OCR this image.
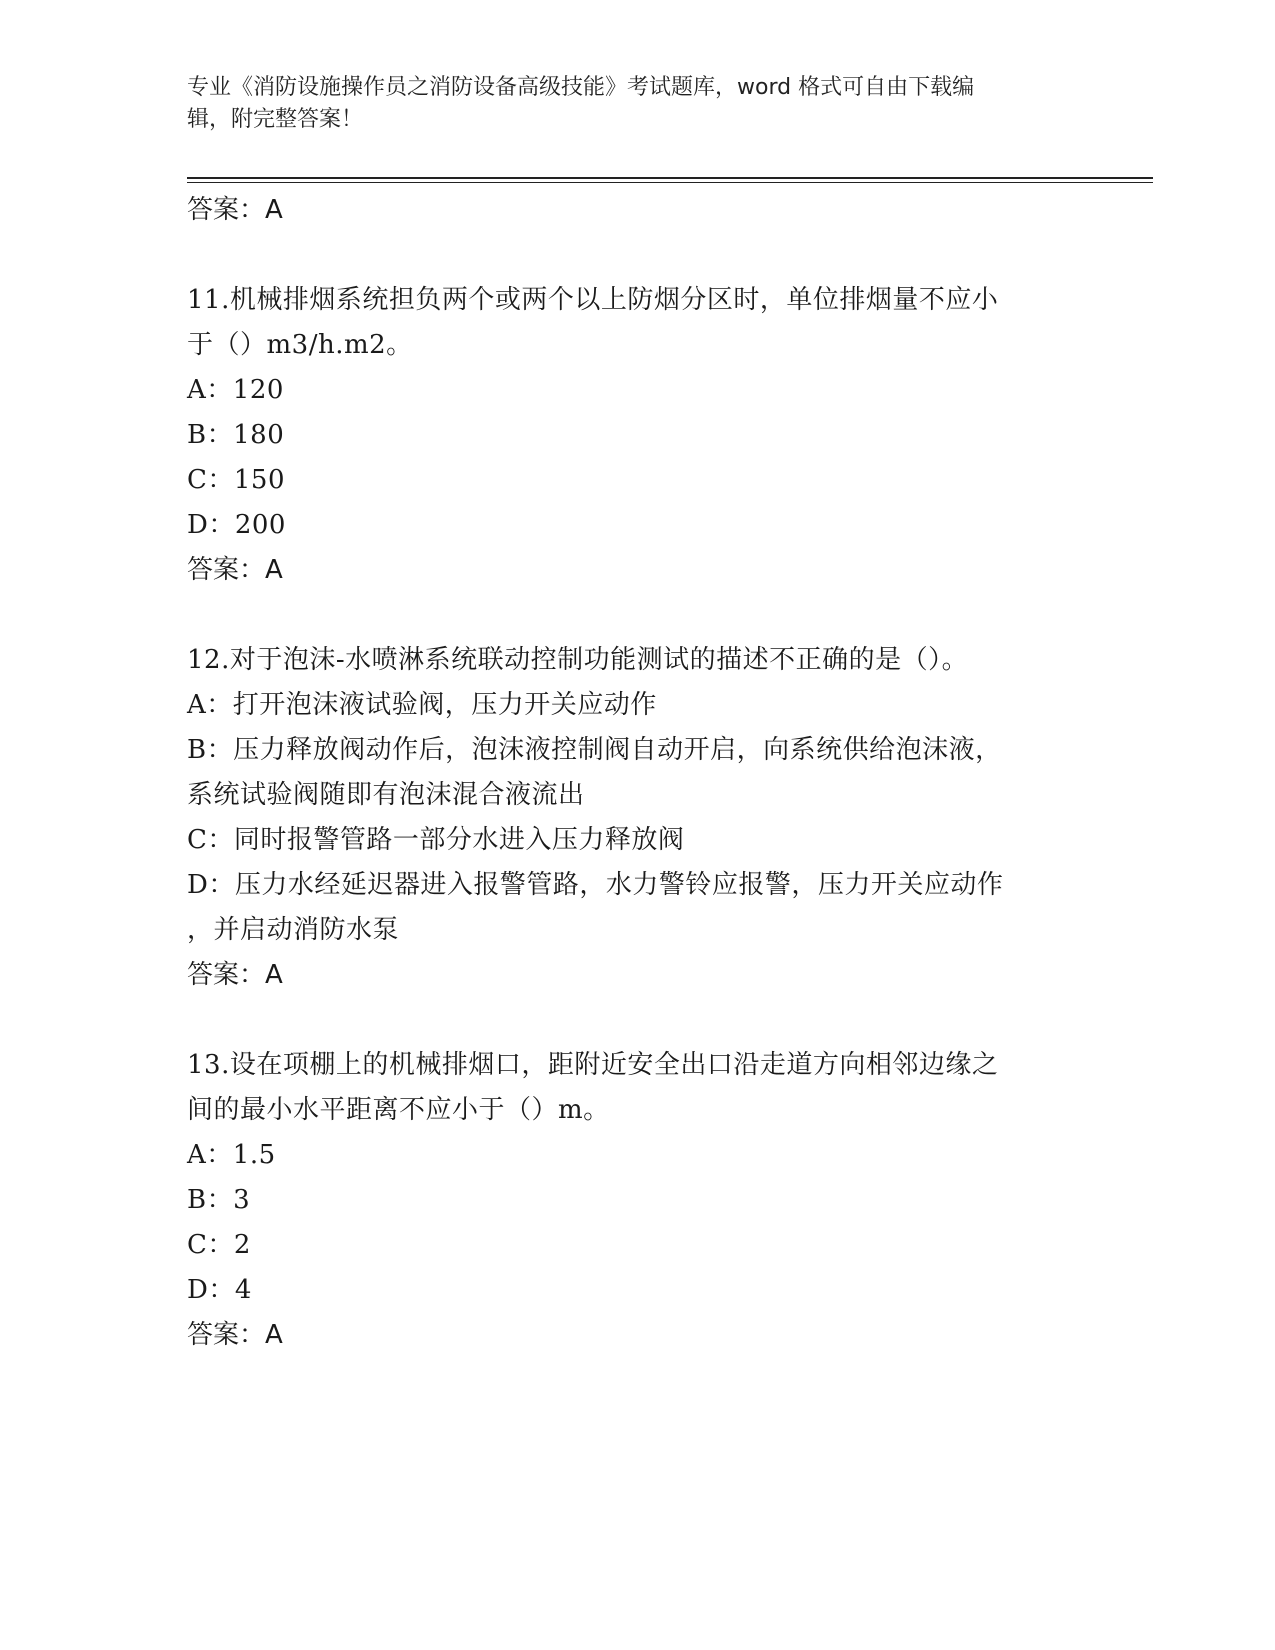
专业《消防设施操作员之消防设备高级技能》考试题库，word 格式可自由下载编
辑，附完整答案！
答案：A
11.机械排烟系统担负两个或两个以上防烟分区时，单位排烟量不应小
于（）m3/h.m2。
A：120
B：180
C：150
D：200
答案：A
12.对于泡沫-水喷淋系统联动控制功能测试的描述不正确的是（）。
A：打开泡沫液试验阀，压力开关应动作
B：压力释放阀动作后，泡沫液控制阀自动开启，向系统供给泡沫液，
系统试验阀随即有泡沫混合液流出
C：同时报警管路一部分水进入压力释放阀
D：压力水经延迟器进入报警管路，水力警铃应报警，压力开关应动作
，并启动消防水泵
答案：A
13.设在项棚上的机械排烟口，距附近安全出口沿走道方向相邻边缘之
间的最小水平距离不应小于（）m。
A：1.5
B：3
C：2
D：4
答案：A
